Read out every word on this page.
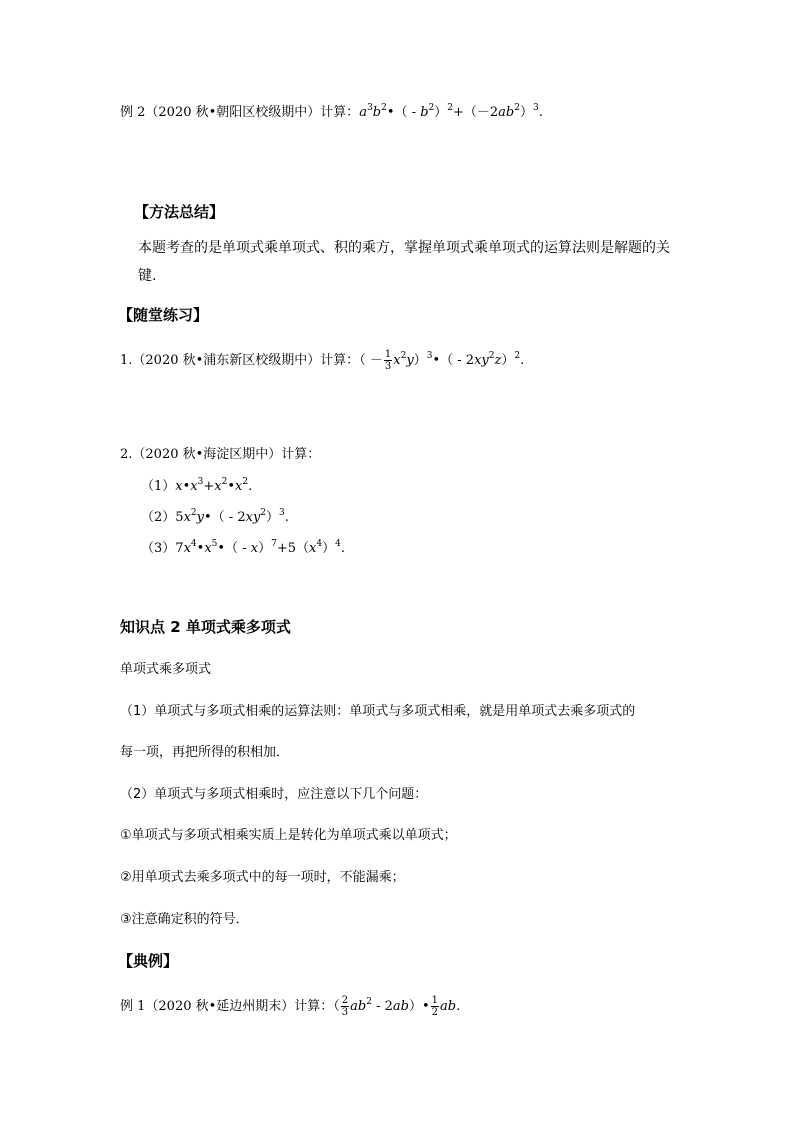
例 2（2020 秋•朝阳区校级期中）计算：$a^3b^2•( - b^2)^2+(-2ab^2)^3$.
【方法总结】
本题考查的是单项式乘单项式、积的乘方，掌握单项式乘单项式的运算法则是解题的关键.
【随堂练习】
1.（2020 秋•浦东新区校级期中）计算：（ － $\frac{1}{3}$ $x^2y)^3•( - 2xy^2z)^2$.
2.（2020 秋•海淀区期中）计算：
$(1)x•x^3+x^2•x^2$.
$(2)5x^2y•( - 2xy^2)^3$.
$(3)7x^4•x^5•( - x)^7+5(x^4)^4$.
知识点 2 单项式乘多项式
单项式乘多项式
（1）单项式与多项式相乘的运算法则：单项式与多项式相乘，就是用单项式去乘多项式的
每一项，再把所得的积相加．
（2）单项式与多项式相乘时，应注意以下几个问题：
①单项式与多项式相乘实质上是转化为单项式乘以单项式；
②用单项式去乘多项式中的每一项时，不能漏乘；
③注意确定积的符号．
【典例】
例 1（2020 秋•延边州期末）计算：（ $\frac{2}{3} ab^2$ - 2ab）• $\frac{1}{2}$ ab.
